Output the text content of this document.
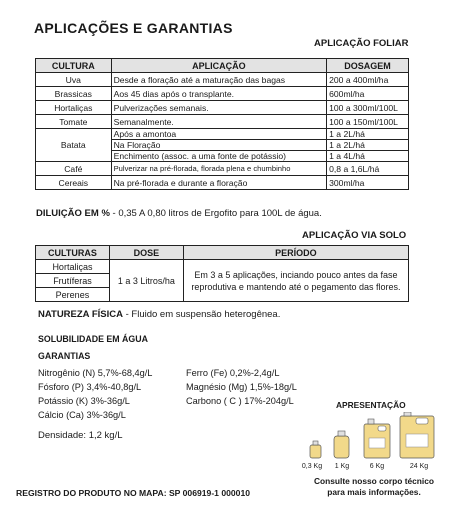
APLICAÇÕES E GARANTIAS
APLICAÇÃO FOLIAR
CULTURA	APLICAÇÃO	DOSAGEM
Uva	Desde a floração até a maturação das bagas	200 a 400ml/ha
Brassicas	Aos 45 dias após o transplante.	600ml/ha
Hortaliças	Pulverizações semanais.	100 a 300ml/100L
Tomate	Semanalmente.	100 a 150ml/100L
Batata	Após a amontoa	1 a 2L/há
	Na Floração	1 a 2L/há
	Enchimento (assoc. a uma fonte de potássio)	1 a 4L/há
Café	Pulverizar na pré-florada, florada plena e chumbinho	0,8 a 1,6L/há
Cereais	Na pré-florada e durante a floração	300ml/ha
DILUIÇÃO EM % - 0,35 A 0,80 litros de Ergofito para 100L de água.
APLICAÇÃO VIA SOLO
CULTURAS	DOSE	PERÍODO
Hortaliças	1 a 3 Litros/ha	Em 3 a 5 aplicações, inciando pouco antes da fase reprodutiva e mantendo até o pegamento das flores.
Frutíferas		
Perenes		
NATUREZA FÍSICA - Fluido em suspensão heterogênea.
SOLUBILIDADE EM ÁGUA
GARANTIAS
Nitrogênio (N) 5,7%-68,4g/L
Fósforo (P) 3,4%-40,8g/L
Potássio (K) 3%-36g/L
Cálcio (Ca) 3%-36g/L
Ferro (Fe) 0,2%-2,4g/L
Magnésio (Mg) 1,5%-18g/L
Carbono ( C ) 17%-204g/L
Densidade: 1,2 kg/L
APRESENTAÇÃO
0,3 Kg	1 Kg	6 Kg	24 Kg
REGISTRO DO PRODUTO NO MAPA: SP 006919-1 000010
Consulte nosso corpo técnico para mais informações.
